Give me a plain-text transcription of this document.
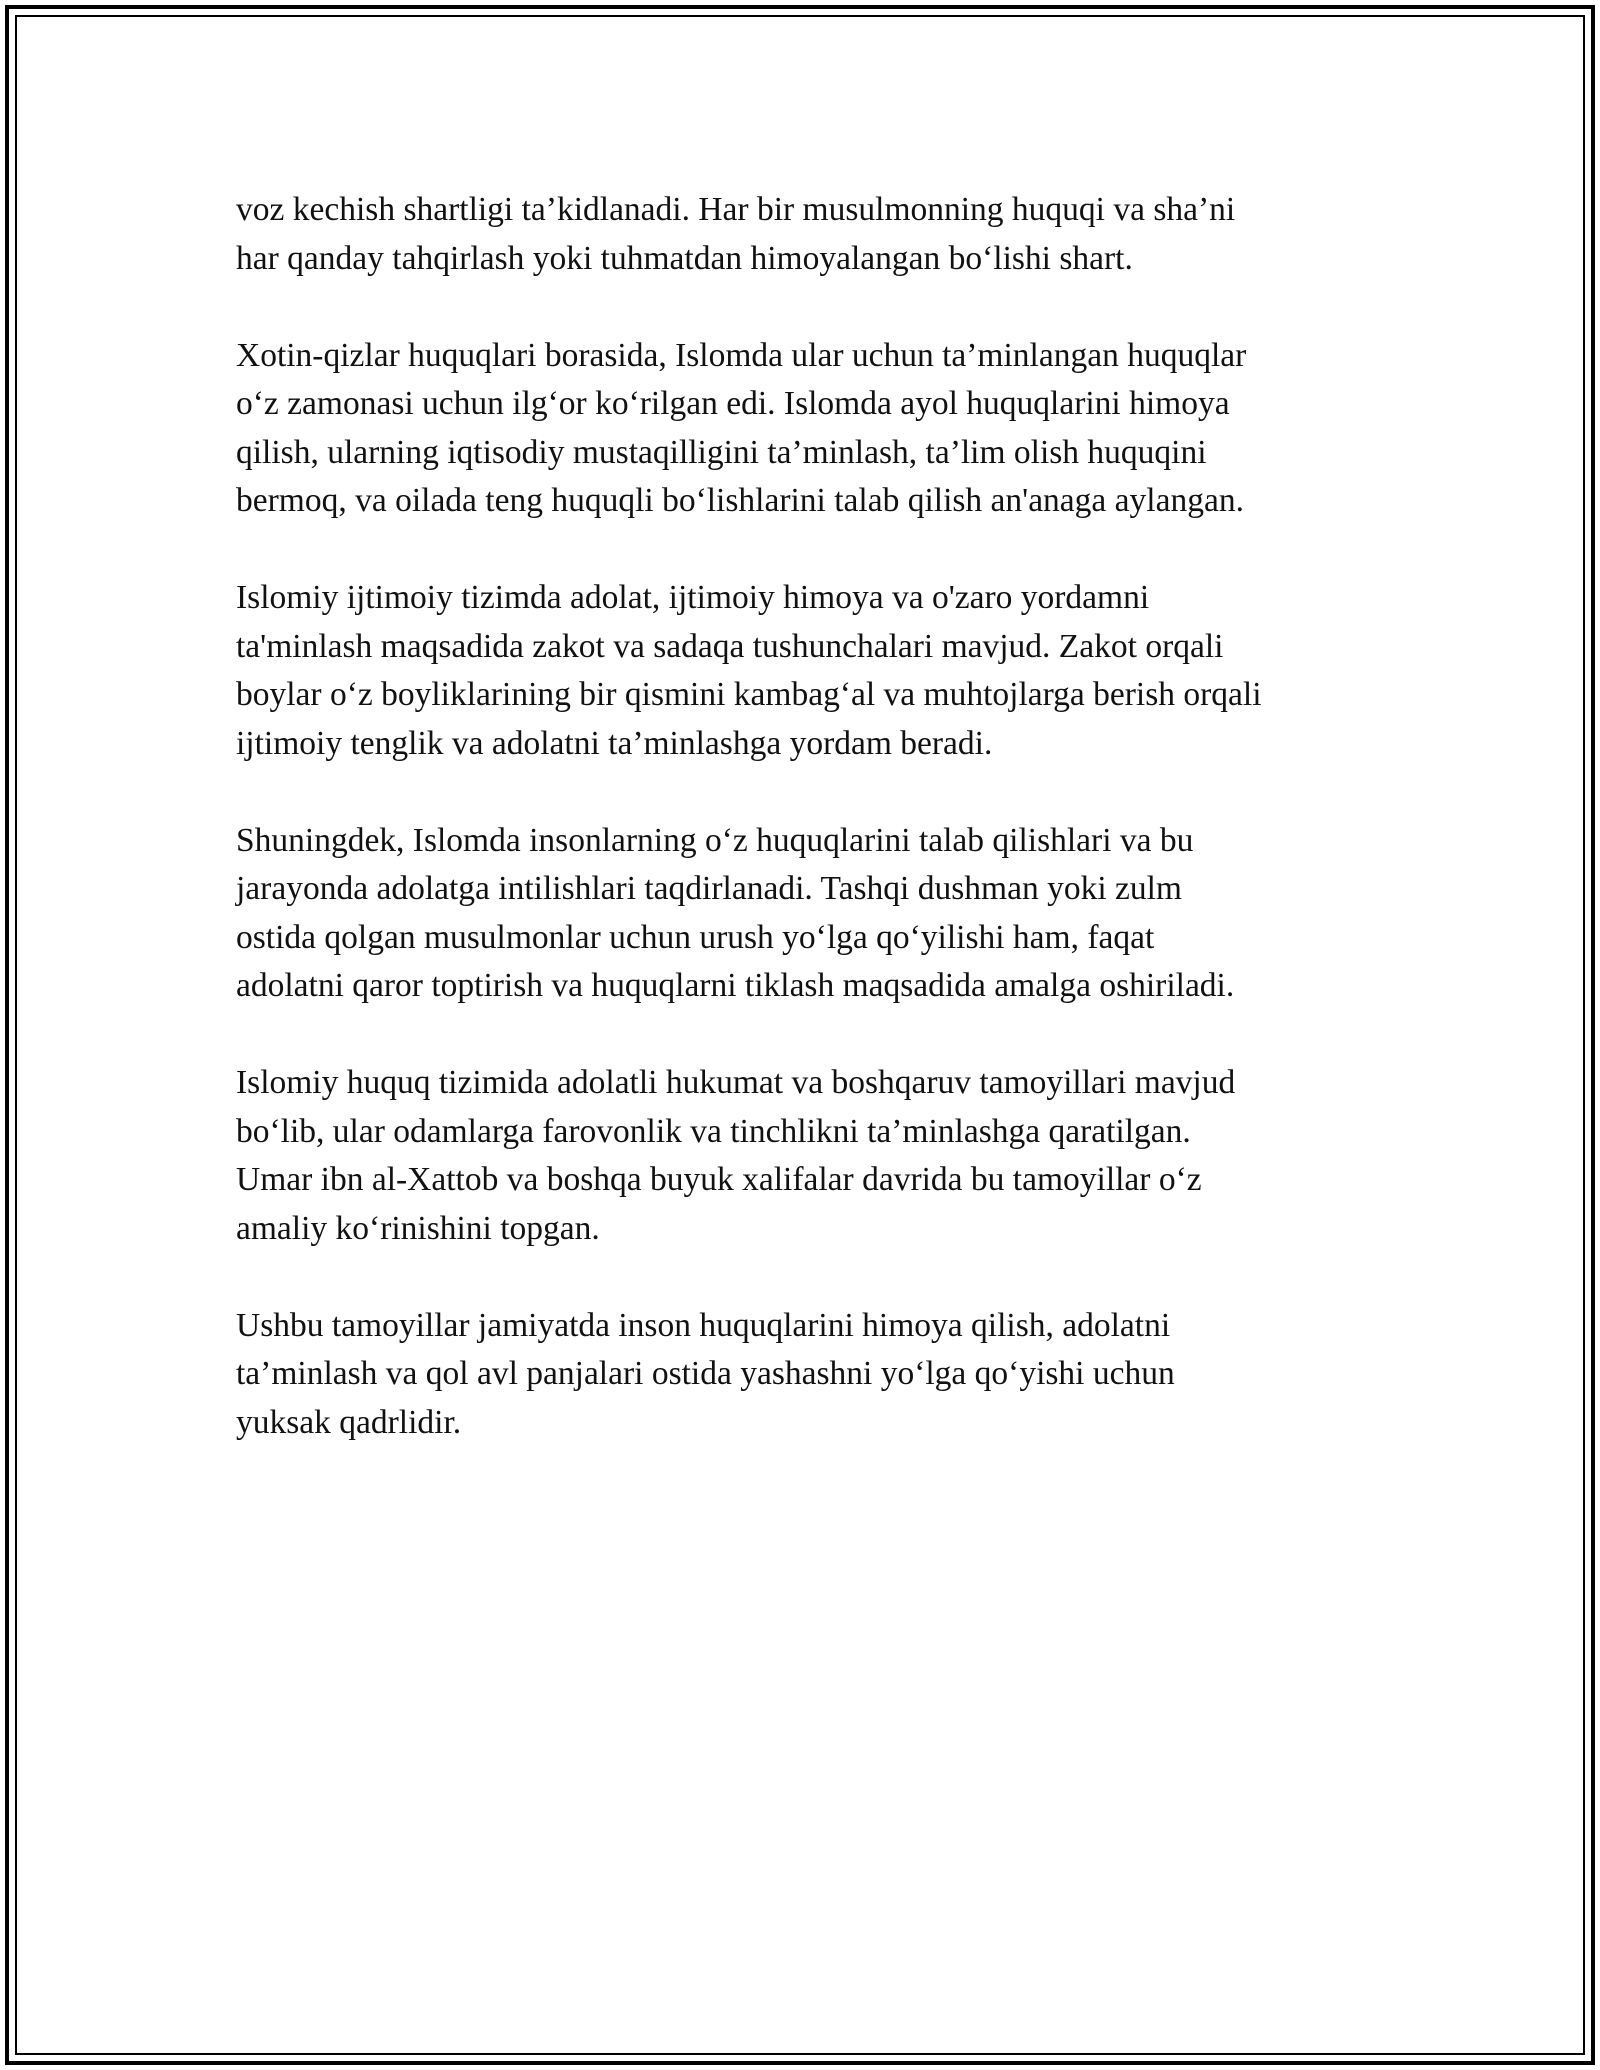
voz kechish shartligi ta’kidlanadi. Har bir musulmonning huquqi va sha’ni
har qanday tahqirlash yoki tuhmatdan himoyalangan bo‘lishi shart.

Xotin-qizlar huquqlari borasida, Islomda ular uchun ta’minlangan huquqlar
o‘z zamonasi uchun ilg‘or ko‘rilgan edi. Islomda ayol huquqlarini himoya
qilish, ularning iqtisodiy mustaqilligini ta’minlash, ta’lim olish huquqini
bermoq, va oilada teng huquqli bo‘lishlarini talab qilish an'anaga aylangan.

Islomiy ijtimoiy tizimda adolat, ijtimoiy himoya va o'zaro yordamni
ta'minlash maqsadida zakot va sadaqa tushunchalari mavjud. Zakot orqali
boylar o‘z boyliklarining bir qismini kambag‘al va muhtojlarga berish orqali
ijtimoiy tenglik va adolatni ta’minlashga yordam beradi.

Shuningdek, Islomda insonlarning o‘z huquqlarini talab qilishlari va bu
jarayonda adolatga intilishlari taqdirlanadi. Tashqi dushman yoki zulm
ostida qolgan musulmonlar uchun urush yo‘lga qo‘yilishi ham, faqat
adolatni qaror toptirish va huquqlarni tiklash maqsadida amalga oshiriladi.

Islomiy huquq tizimida adolatli hukumat va boshqaruv tamoyillari mavjud
bo‘lib, ular odamlarga farovonlik va tinchlikni ta’minlashga qaratilgan.
Umar ibn al-Xattob va boshqa buyuk xalifalar davrida bu tamoyillar o‘z
amaliy ko‘rinishini topgan.

Ushbu tamoyillar jamiyatda inson huquqlarini himoya qilish, adolatni
ta’minlash va qol avl panjalari ostida yashashni yo‘lga qo‘yishi uchun
yuksak qadrlidir.
